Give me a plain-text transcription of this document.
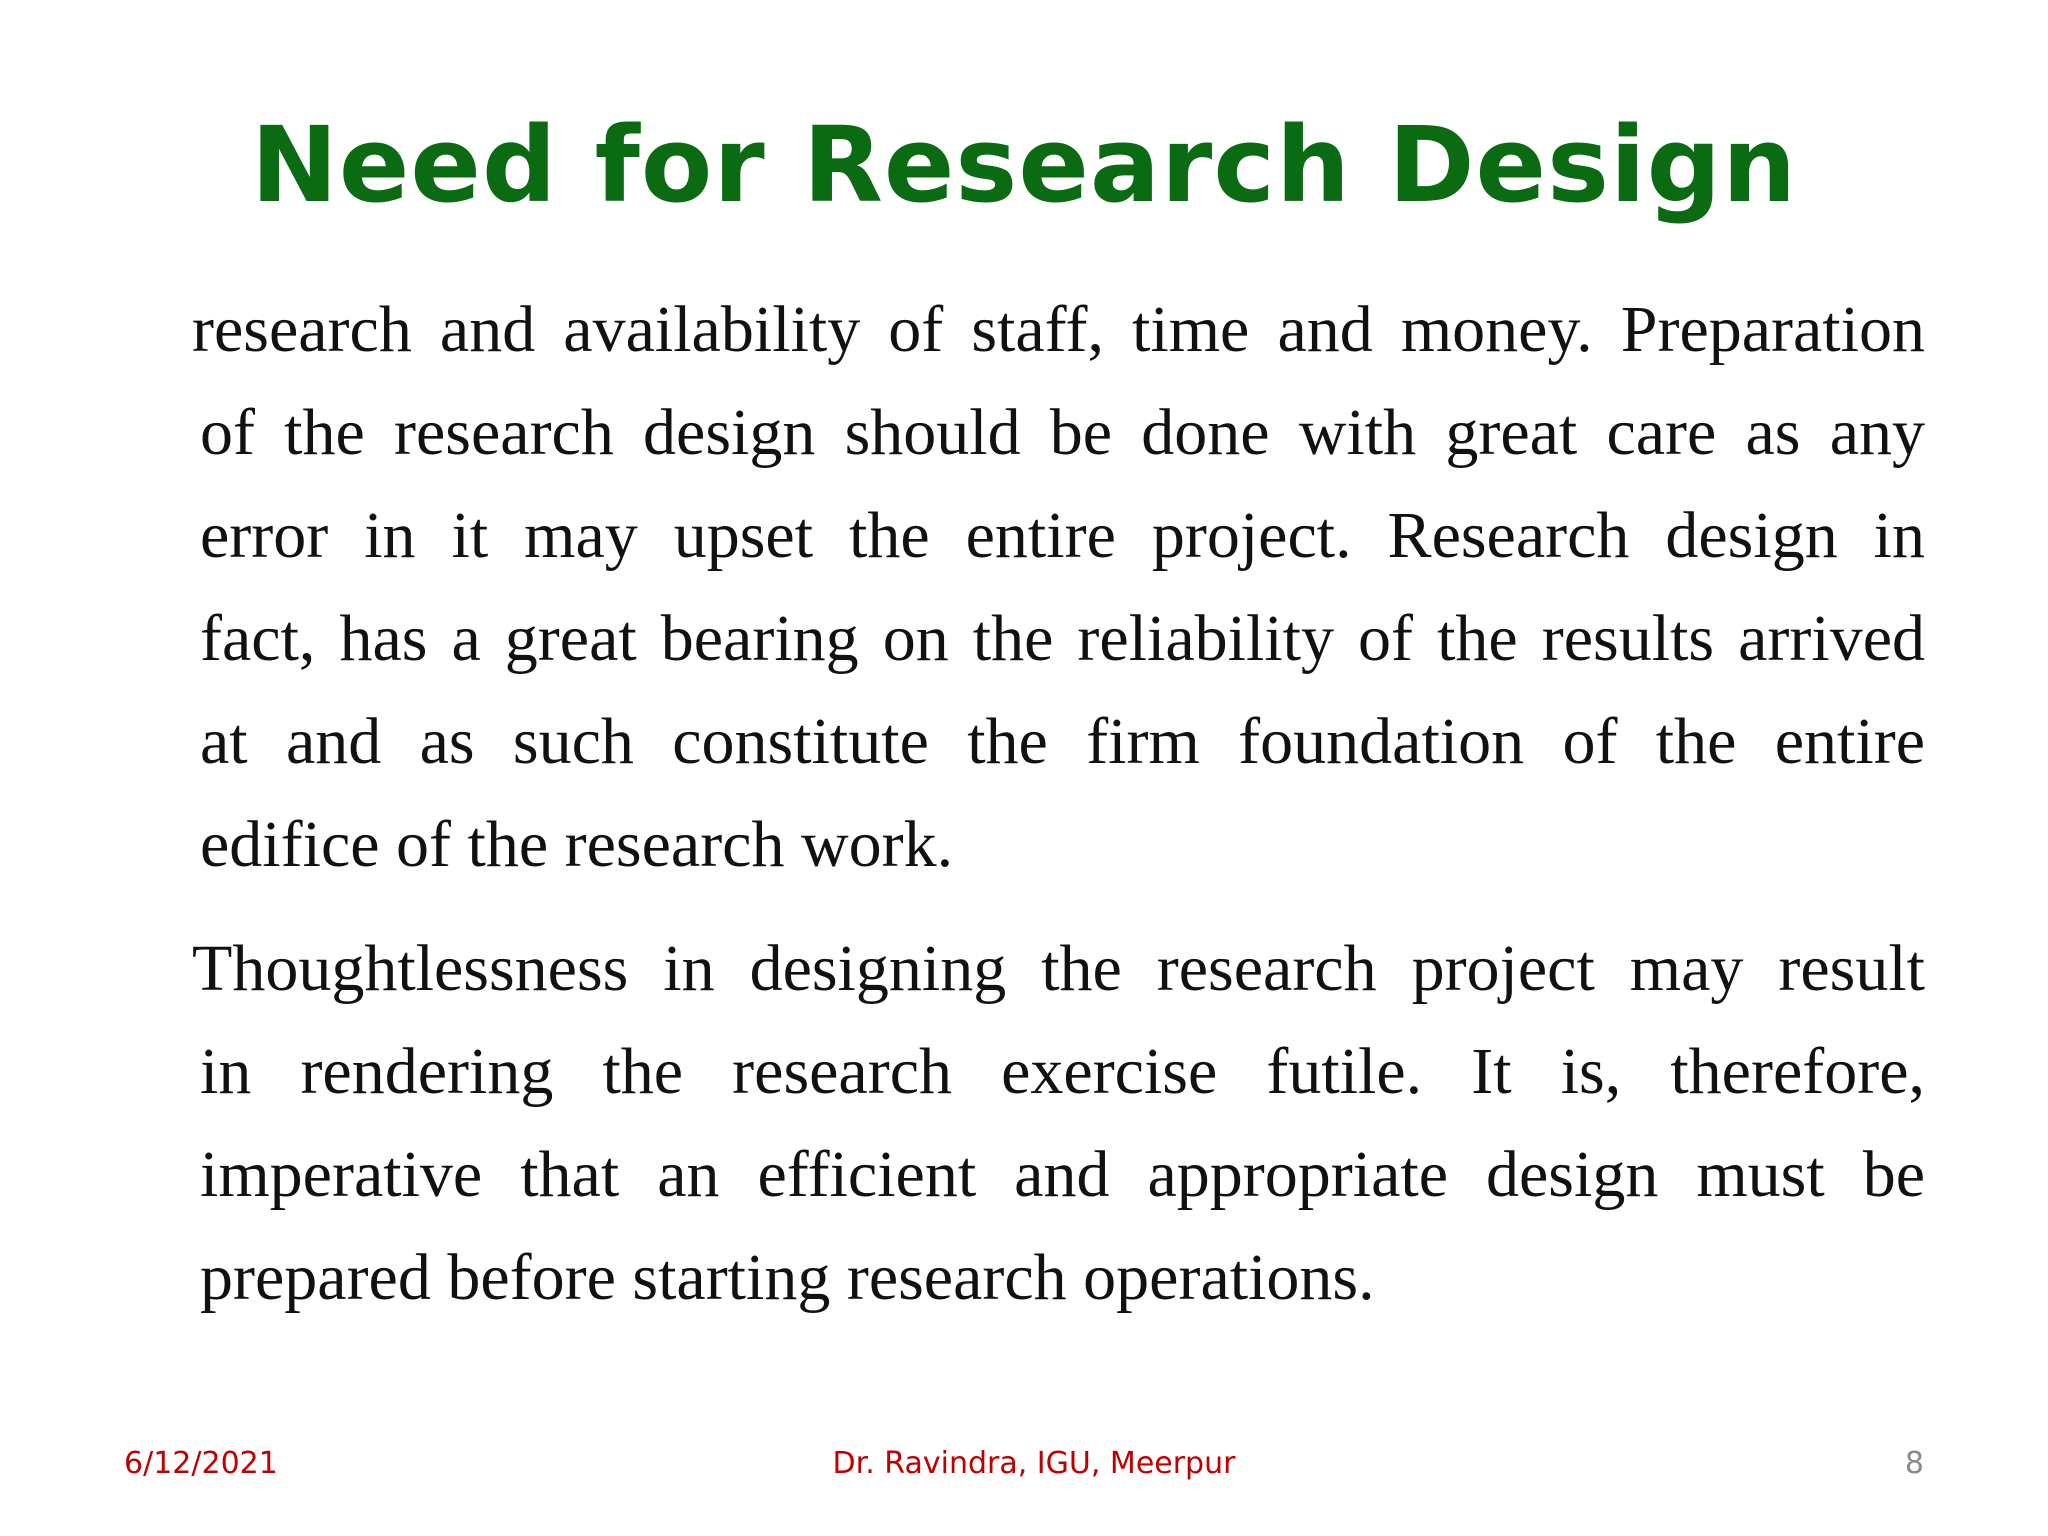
Need for Research Design
research and availability of staff, time and money. Preparation
of the research design should be done with great care as any
error in it may upset the entire project. Research design in
fact, has a great bearing on the reliability of the results arrived
at and as such constitute the firm foundation of the entire
edifice of the research work.
Thoughtlessness in designing the research project may result
in rendering the research exercise futile. It is, therefore,
imperative that an efficient and appropriate design must be
prepared before starting research operations.
6/12/2021	Dr. Ravindra, IGU, Meerpur	8
